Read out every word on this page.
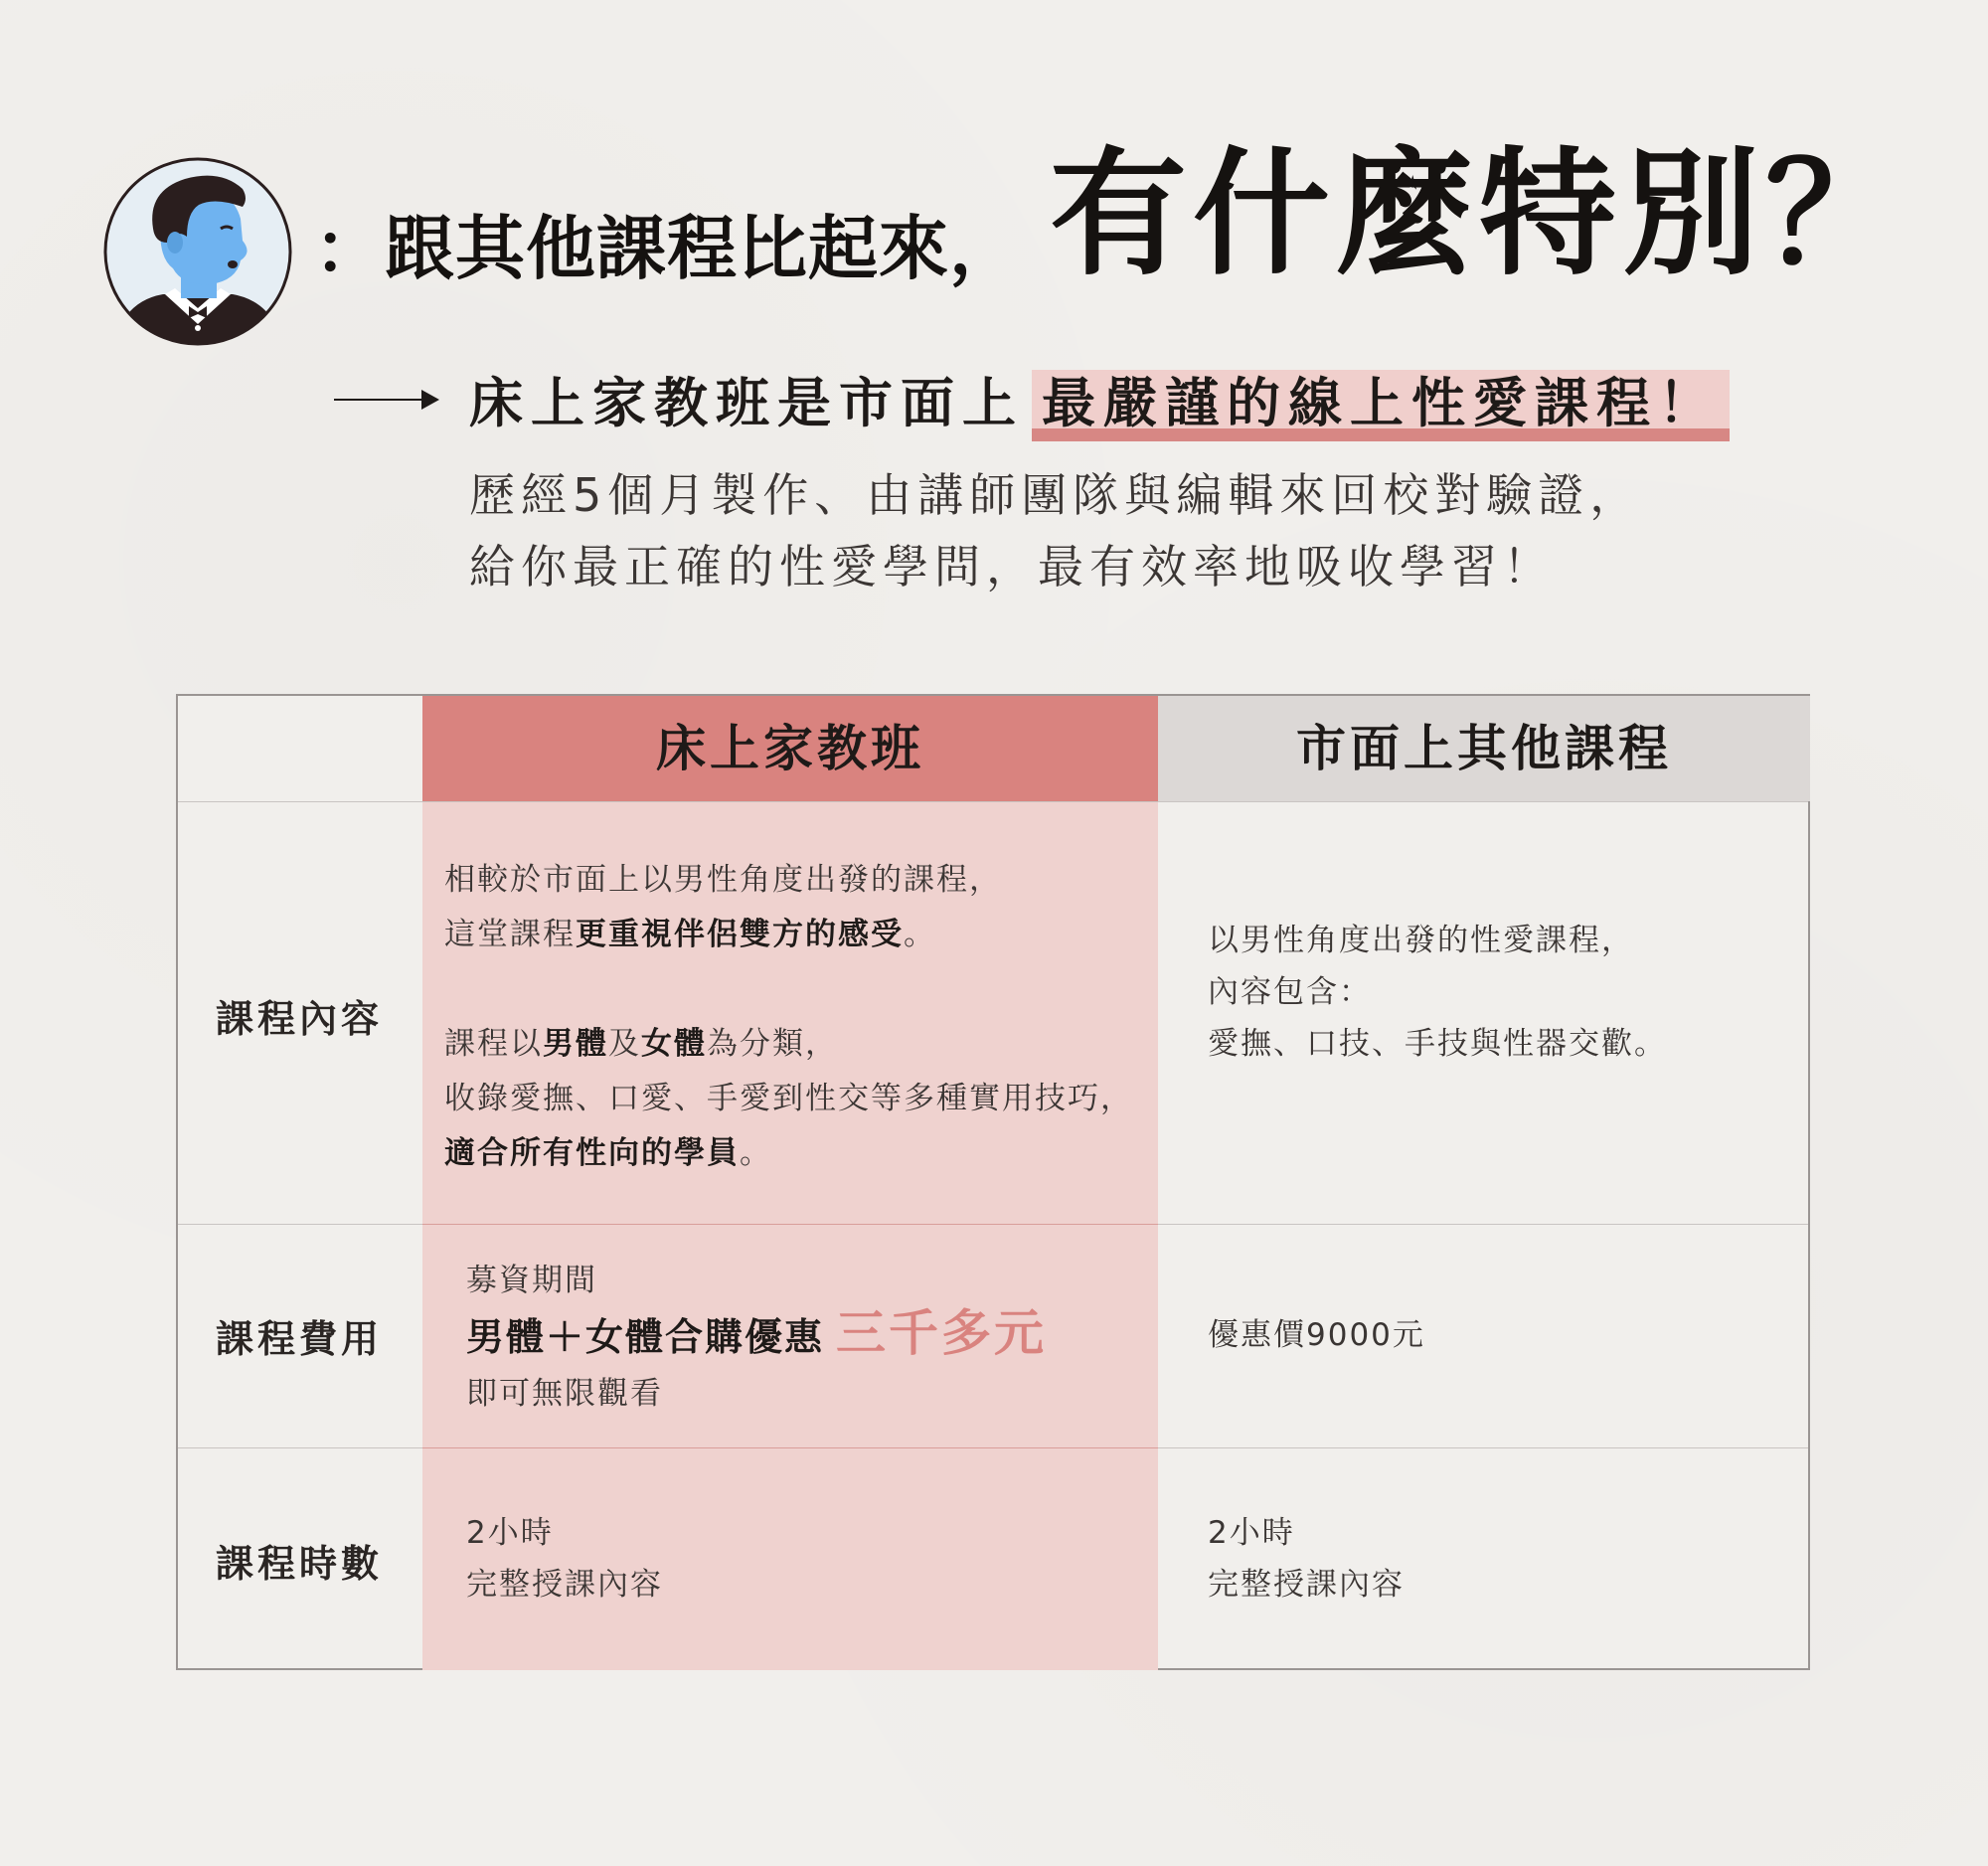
：跟其他課程比起來， 有什麼特別？
床上家教班是市面上 最嚴謹的線上性愛課程！

歷經5個月製作、由講師團隊與編輯來回校對驗證，

給你最正確的性愛學問，最有效率地吸收學習！

床上家教班	市面上其他課程
課程內容

相較於市面上以男性角度出發的課程，

這堂課程更重視伴侶雙方的感受。

課程以男體及女體為分類，

收錄愛撫、口愛、手愛到性交等多種實用技巧，

適合所有性向的學員。

以男性角度出發的性愛課程，

內容包含：

愛撫、口技、手技與性器交歡。

課程費用

募資期間

男體＋女體合購優惠 三千多元

即可無限觀看

優惠價9000元

課程時數

2小時

完整授課內容

2小時

完整授課內容
